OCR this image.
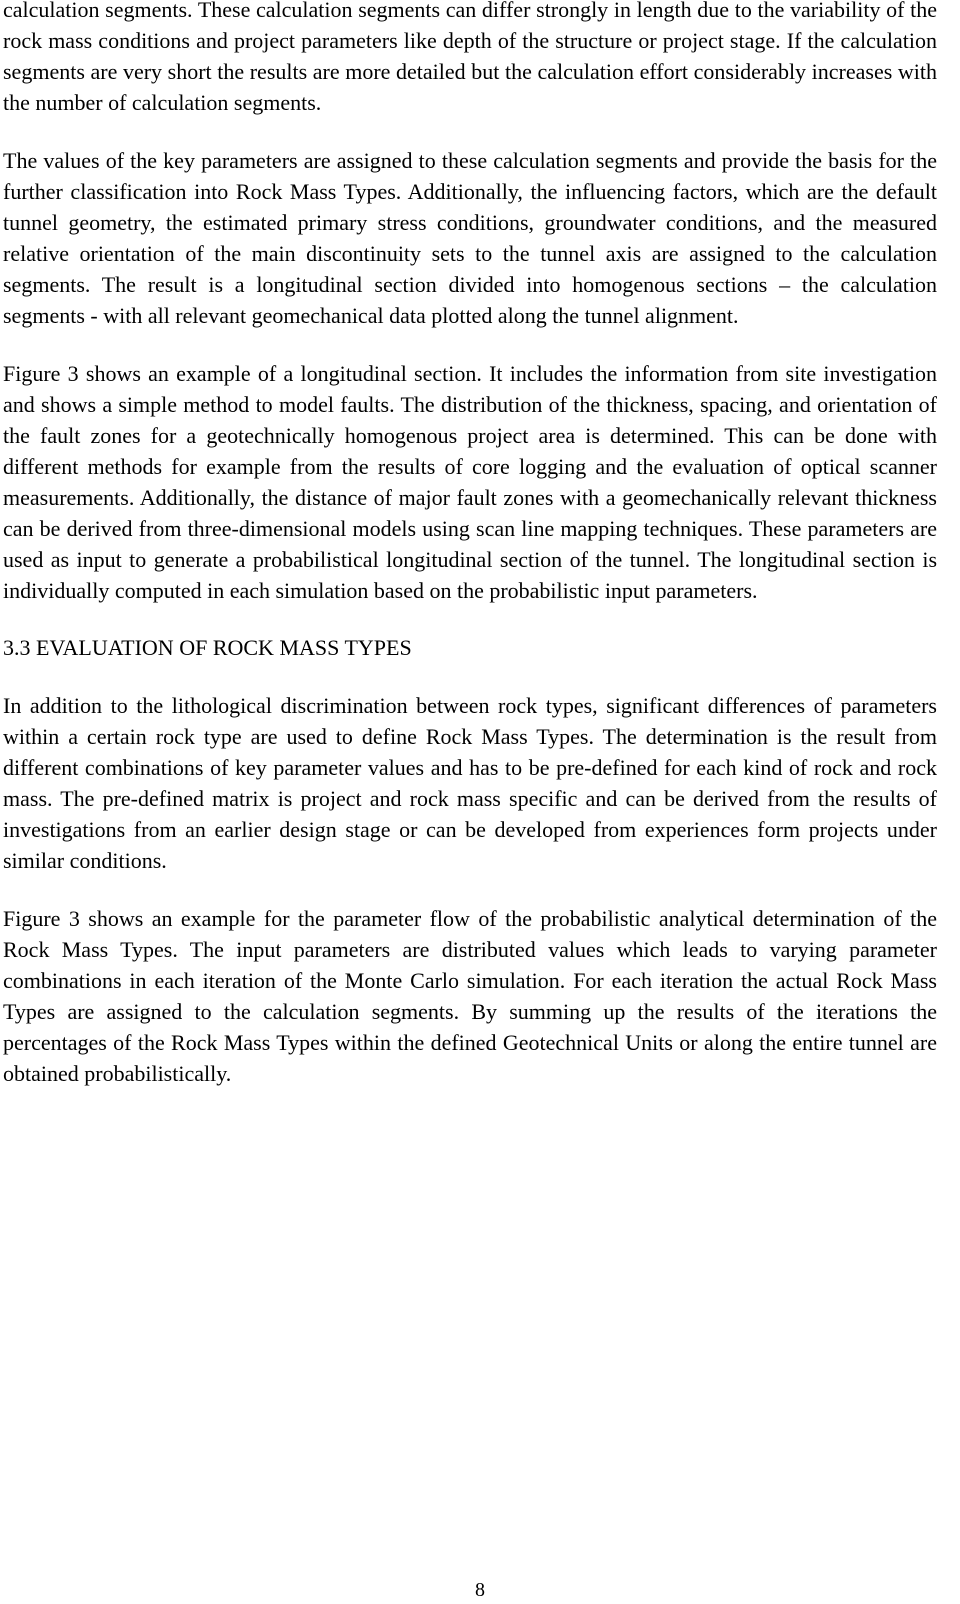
calculation segments. These calculation segments can differ strongly in length due to the variability of the rock mass conditions and project parameters like depth of the structure or project stage. If the calculation segments are very short the results are more detailed but the calculation effort considerably increases with the number of calculation segments.

The values of the key parameters are assigned to these calculation segments and provide the basis for the further classification into Rock Mass Types. Additionally, the influencing factors, which are the default tunnel geometry, the estimated primary stress conditions, groundwater conditions, and the measured relative orientation of the main discontinuity sets to the tunnel axis are assigned to the calculation segments. The result is a longitudinal section divided into homogenous sections – the calculation segments - with all relevant geomechanical data plotted along the tunnel alignment.

Figure 3 shows an example of a longitudinal section. It includes the information from site investigation and shows a simple method to model faults. The distribution of the thickness, spacing, and orientation of the fault zones for a geotechnically homogenous project area is determined. This can be done with different methods for example from the results of core logging and the evaluation of optical scanner measurements. Additionally, the distance of major fault zones with a geomechanically relevant thickness can be derived from three-dimensional models using scan line mapping techniques. These parameters are used as input to generate a probabilistical longitudinal section of the tunnel. The longitudinal section is individually computed in each simulation based on the probabilistic input parameters.

3.3 EVALUATION OF ROCK MASS TYPES

In addition to the lithological discrimination between rock types, significant differences of parameters within a certain rock type are used to define Rock Mass Types. The determination is the result from different combinations of key parameter values and has to be pre-defined for each kind of rock and rock mass. The pre-defined matrix is project and rock mass specific and can be derived from the results of investigations from an earlier design stage or can be developed from experiences form projects under similar conditions.

Figure 3 shows an example for the parameter flow of the probabilistic analytical determination of the Rock Mass Types. The input parameters are distributed values which leads to varying parameter combinations in each iteration of the Monte Carlo simulation. For each iteration the actual Rock Mass Types are assigned to the calculation segments. By summing up the results of the iterations the percentages of the Rock Mass Types within the defined Geotechnical Units or along the entire tunnel are obtained probabilistically.

8
